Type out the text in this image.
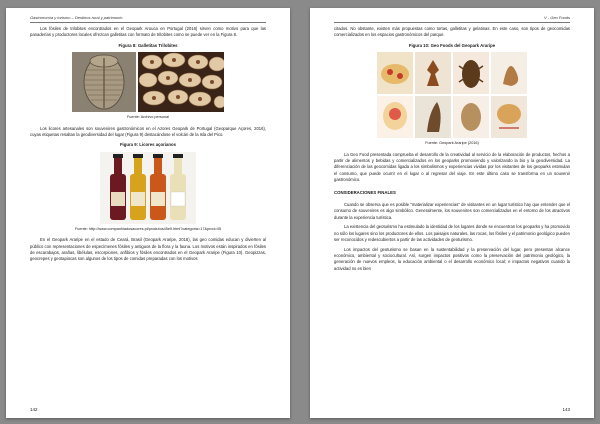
Gastronomía y turismo – Destinos rural y patrimonio

Los fósiles de trilobites encontrados en el Geopark Arouca en Portugal (2016) sirven como motivo para que las panaderías y productores locales ofrezcan galletitas con formato de trilobites como se puede ver en la Figura 8.

Figura 8: Galletitas Trilobites
Fuente: Archivo personal

Los licores artesanales son souvenires gastronómicos en el Azores Geopark de Portugal (Geoparque Açores, 2016), cuyas etiquetas resaltan la geodiversidad del lugar (Figura 9) destacándose el volcán de la Isla del Pico.

Figura 9: Licores açorianos
Fuente: http://www.companhiadosacores.pt/produtos45e9.html?categoria=17&prod=45

En el Geopark Araripe en el estado de Ceará, Brasil (Geopark Araripe, 2016), las geo comidas educan y divierten al público con representaciones de especímenes fósiles y antiguos de la flora y la fauna. Los motivos están inspirados en fósiles de escarabajos, arañas, libélulas, escorpiones, anfibios y fósiles encontrados en el Geopark Araripe (Figura 10). Geopizzas, geocrepes y geotapiocas son algunos de los tipos de comidas preparadas con los motivos

142
V - Geo Foods

citados. No obstante, existen más propuestas como tortas, galletitas y gelatinas. En este caso, son tipos de geocomidas comercializados en los espacios gastronómicos del parque.

Figura 10: Geo Foods del Geopark Araripe
Fuente: Geopark Araripe (2016)

La Geo Food presentada comprueba el desarrollo de la creatividad al servicio de la elaboración de productos, hechos a partir de alimentos y bebidas y comercializados en los geoparks promoviendo y valorizando la bio y la geodiversidad. La diferenciación de las geocomidas ligada a los simbolismos y experiencias vividas por los visitantes de los geoparks estimulan el consumo, que puede ocurrir en el lugar o al regresar del viaje. En este último caso se transforma en un souvenir gastronómico.

CONSIDERACIONES FINALES

Cuando se observa que es posible "materializar experiencias" de visitantes en un lugar turístico hay que entender que el consumo de souvenires es algo simbólico. Generalmente, los souvenires son comercializados en el entorno de los atractivos durante la experiencia turística.

La existencia del geoturismo ha estimulado la identidad de los lugares donde se encuentran los geoparks y ha promovido no sólo los lugares sino los productores de ellos. Los paisajes naturales, las rocas, los fósiles y el patrimonio geológico pueden ser reconocidos y redescubiertos a partir de las actividades de geoturismo.

Los impactos del geoturismo se basan en la sustentabilidad y la preservación del lugar, pero presentan alcance económico, ambiental y sociocultural. Así, surgen impactos positivos como la preservación del patrimonio geológico, la generación de nuevos empleos, la educación ambiental o el desarrollo económico local; e impactos negativos cuando la actividad no es bien

143
